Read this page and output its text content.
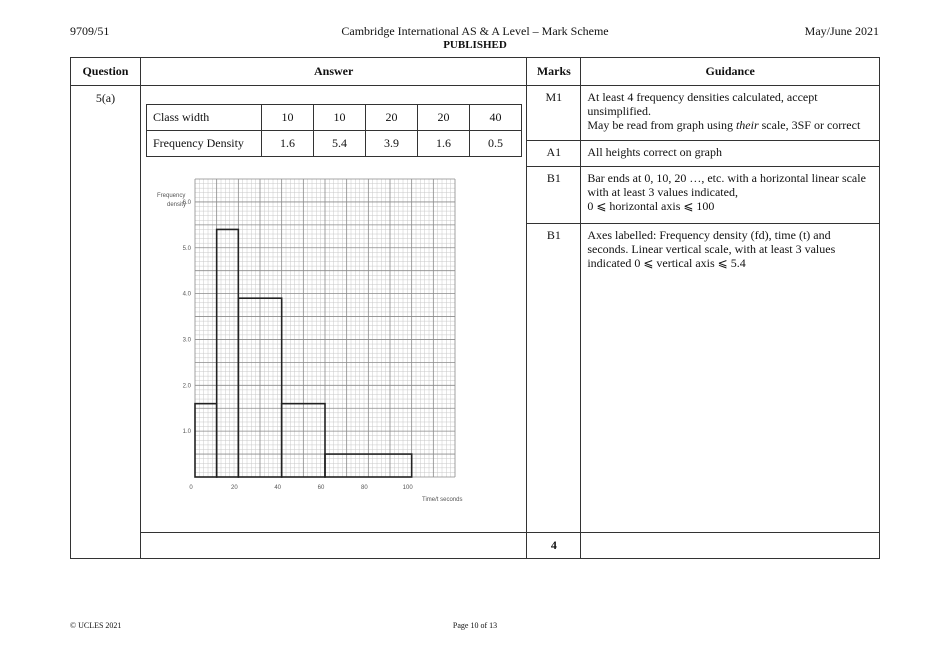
9709/51	Cambridge International AS & A Level – Mark Scheme
PUBLISHED
May/June 2021
Question	Answer	Marks	Guidance
5(a)	
Class width	10	10	20	20	40
Frequency Density	1.6	5.4	3.9	1.6	0.5
Frequency
density
Time/t seconds
1.0
2.0
3.0
4.0
5.0
6.0
0	20	40	60	80	100
	M1	At least 4 frequency densities calculated, accept unsimplified.
May be read from graph using their scale, 3SF or correct
A1	All heights correct on graph
B1	Bar ends at 0, 10, 20 …, etc. with a horizontal linear scale with at least 3 values indicated,
0 ⩽ horizontal axis ⩽ 100
B1	Axes labelled: Frequency density (fd), time (t) and seconds. Linear vertical scale, with at least 3 values indicated 0 ⩽ vertical axis ⩽ 5.4
	4	
© UCLES 2021	Page 10 of 13
